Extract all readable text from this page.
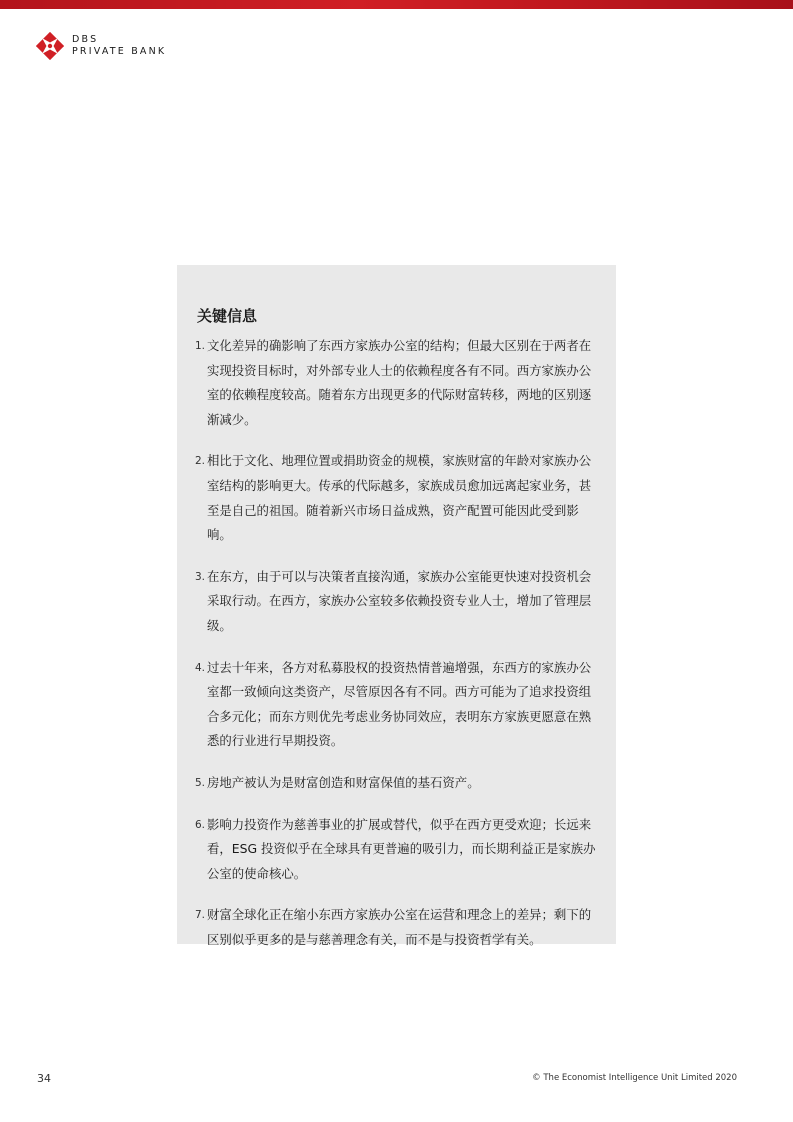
DBS
PRIVATE BANK
关键信息
1. 文化差异的确影响了东西方家族办公室的结构；但最大区别在于两者在实现投资目标时，对外部专业人士的依赖程度各有不同。西方家族办公室的依赖程度较高。随着东方出现更多的代际财富转移，两地的区别逐渐减少。
2. 相比于文化、地理位置或捐助资金的规模，家族财富的年龄对家族办公室结构的影响更大。传承的代际越多，家族成员愈加远离起家业务，甚至是自己的祖国。随着新兴市场日益成熟，资产配置可能因此受到影响。
3. 在东方，由于可以与决策者直接沟通，家族办公室能更快速对投资机会采取行动。在西方，家族办公室较多依赖投资专业人士，增加了管理层级。
4. 过去十年来，各方对私募股权的投资热情普遍增强，东西方的家族办公室都一致倾向这类资产，尽管原因各有不同。西方可能为了追求投资组合多元化；而东方则优先考虑业务协同效应，表明东方家族更愿意在熟悉的行业进行早期投资。
5. 房地产被认为是财富创造和财富保值的基石资产。
6. 影响力投资作为慈善事业的扩展或替代，似乎在西方更受欢迎；长远来看，ESG 投资似乎在全球具有更普遍的吸引力，而长期利益正是家族办公室的使命核心。
7. 财富全球化正在缩小东西方家族办公室在运营和理念上的差异；剩下的区别似乎更多的是与慈善理念有关，而不是与投资哲学有关。
34	© The Economist Intelligence Unit Limited 2020
